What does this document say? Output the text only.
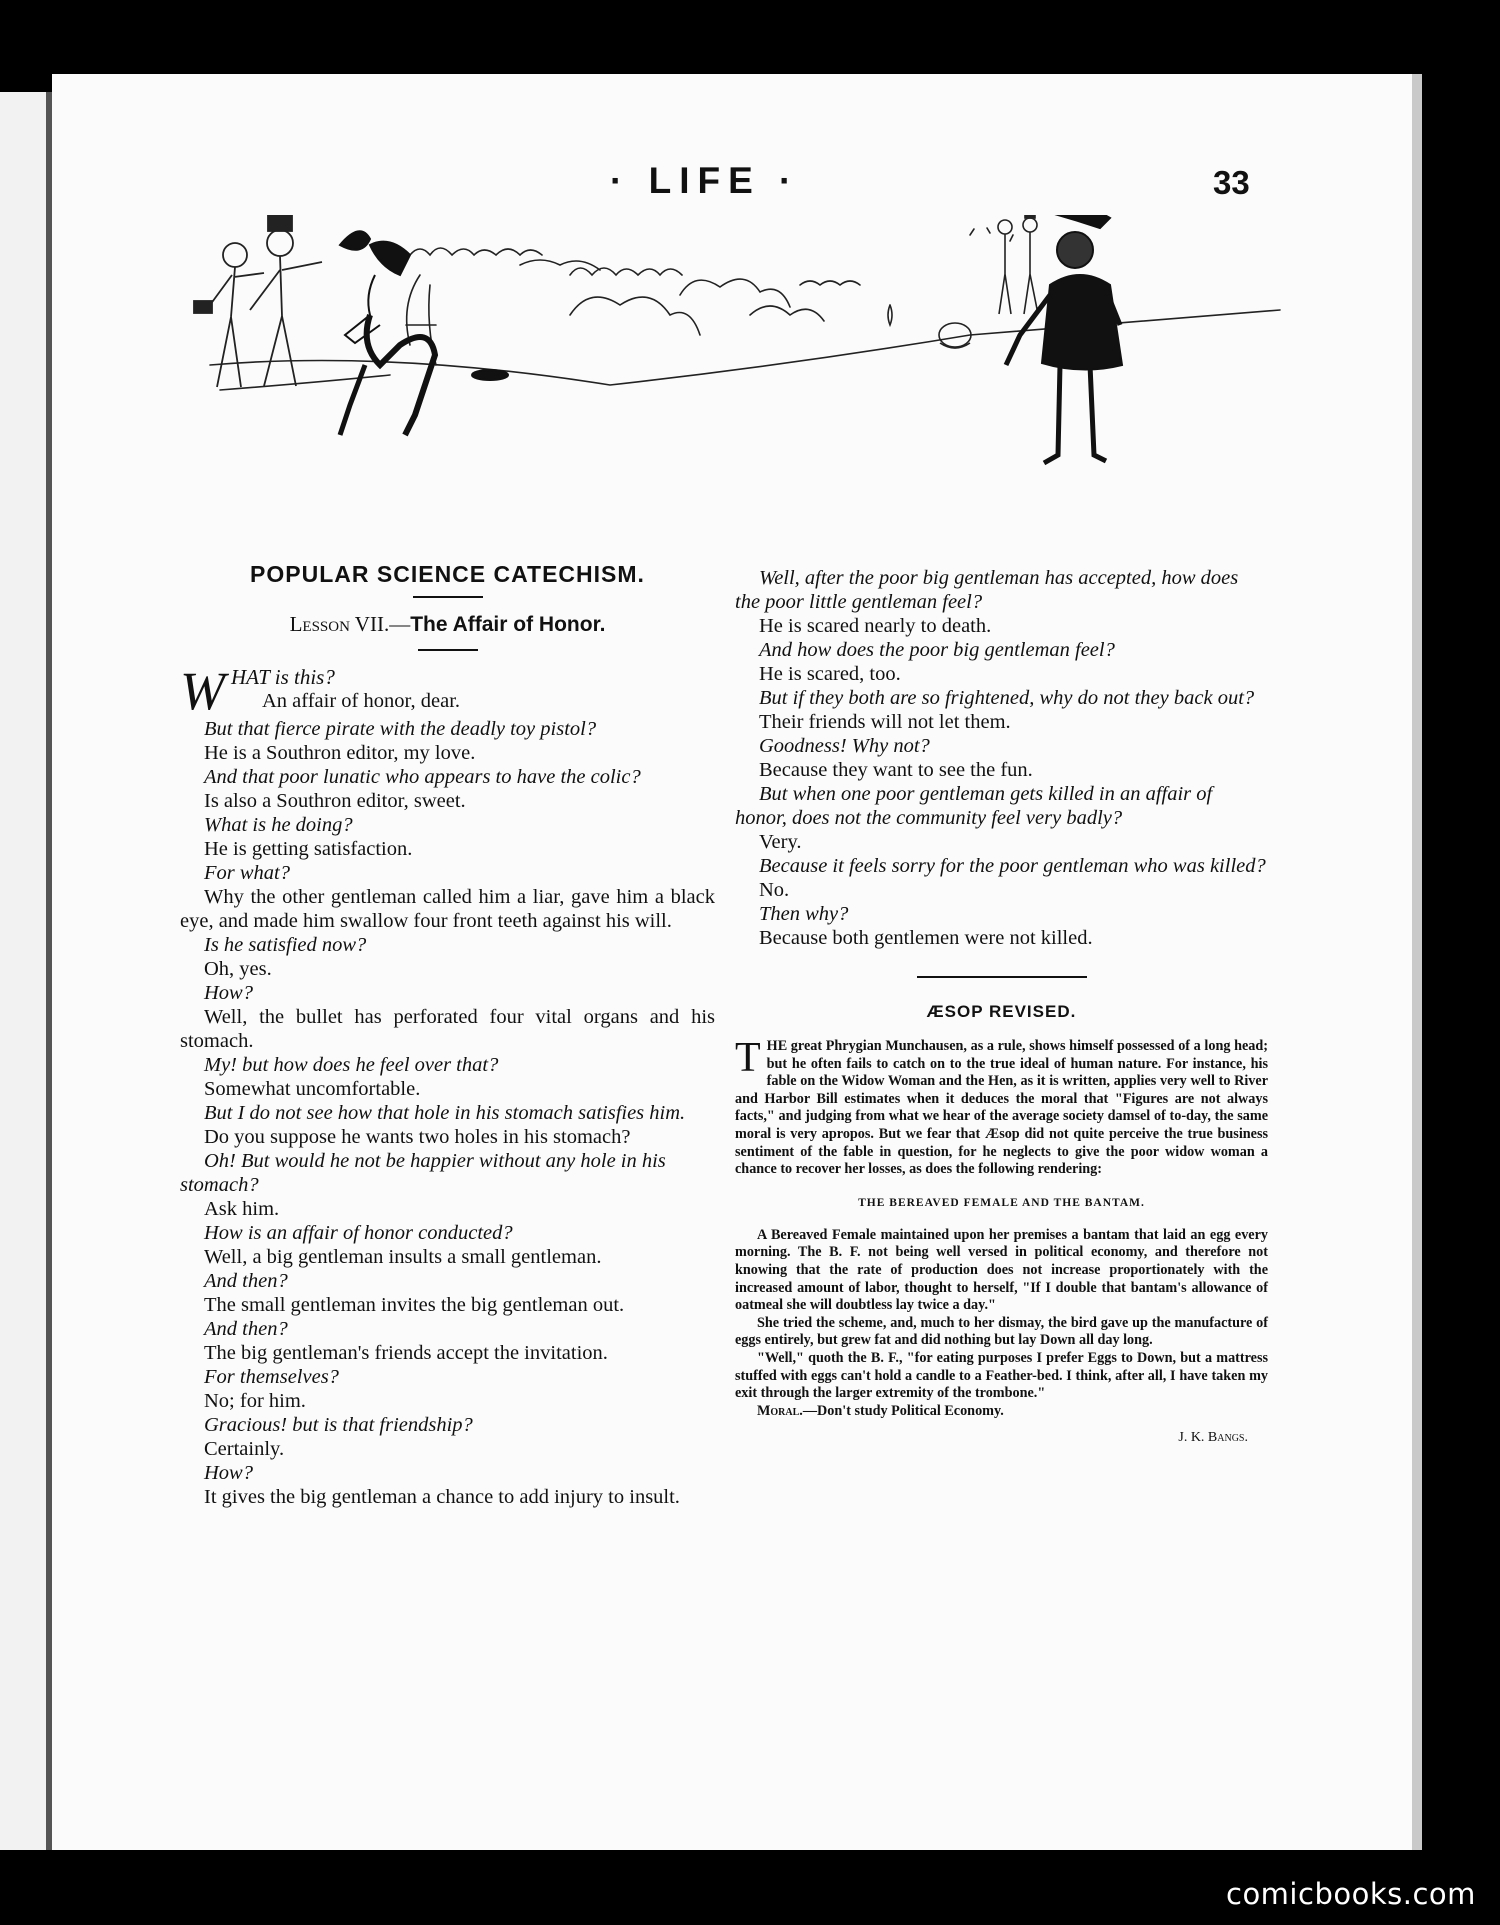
· LIFE ·	33
POPULAR SCIENCE CATECHISM.
Lesson VII.—The Affair of Honor.
W HAT is this?
An affair of honor, dear.
But that fierce pirate with the deadly toy pistol?
He is a Southron editor, my love.
And that poor lunatic who appears to have the colic?
Is also a Southron editor, sweet.
What is he doing?
He is getting satisfaction.
For what?
Why the other gentleman called him a liar, gave him a black eye, and made him swallow four front teeth against his will.
Is he satisfied now?
Oh, yes.
How?
Well, the bullet has perforated four vital organs and his stomach.
My! but how does he feel over that?
Somewhat uncomfortable.
But I do not see how that hole in his stomach satisfies him.
Do you suppose he wants two holes in his stomach?
Oh! But would he not be happier without any hole in his stomach?
Ask him.
How is an affair of honor conducted?
Well, a big gentleman insults a small gentleman.
And then?
The small gentleman invites the big gentleman out.
And then?
The big gentleman's friends accept the invitation.
For themselves?
No; for him.
Gracious! but is that friendship?
Certainly.
How?
It gives the big gentleman a chance to add injury to insult.
Well, after the poor big gentleman has accepted, how does the poor little gentleman feel?
He is scared nearly to death.
And how does the poor big gentleman feel?
He is scared, too.
But if they both are so frightened, why do not they back out?
Their friends will not let them.
Goodness! Why not?
Because they want to see the fun.
But when one poor gentleman gets killed in an affair of honor, does not the community feel very badly?
Very.
Because it feels sorry for the poor gentleman who was killed?
No.
Then why?
Because both gentlemen were not killed.
ÆSOP REVISED.
THE great Phrygian Munchausen, as a rule, shows himself possessed of a long head; but he often fails to catch on to the true ideal of human nature. For instance, his fable on the Widow Woman and the Hen, as it is written, applies very well to River and Harbor Bill estimates when it deduces the moral that "Figures are not always facts," and judging from what we hear of the average society damsel of to-day, the same moral is very apropos. But we fear that Æsop did not quite perceive the true business sentiment of the fable in question, for he neglects to give the poor widow woman a chance to recover her losses, as does the following rendering:
THE BEREAVED FEMALE AND THE BANTAM.
A Bereaved Female maintained upon her premises a bantam that laid an egg every morning. The B. F. not being well versed in political economy, and therefore not knowing that the rate of production does not increase proportionately with the increased amount of labor, thought to herself, "If I double that bantam's allowance of oatmeal she will doubtless lay twice a day."
She tried the scheme, and, much to her dismay, the bird gave up the manufacture of eggs entirely, but grew fat and did nothing but lay Down all day long.
"Well," quoth the B. F., "for eating purposes I prefer Eggs to Down, but a mattress stuffed with eggs can't hold a candle to a Feather-bed. I think, after all, I have taken my exit through the larger extremity of the trombone."
Moral.—Don't study Political Economy.
J. K. Bangs.
comicbooks.com
